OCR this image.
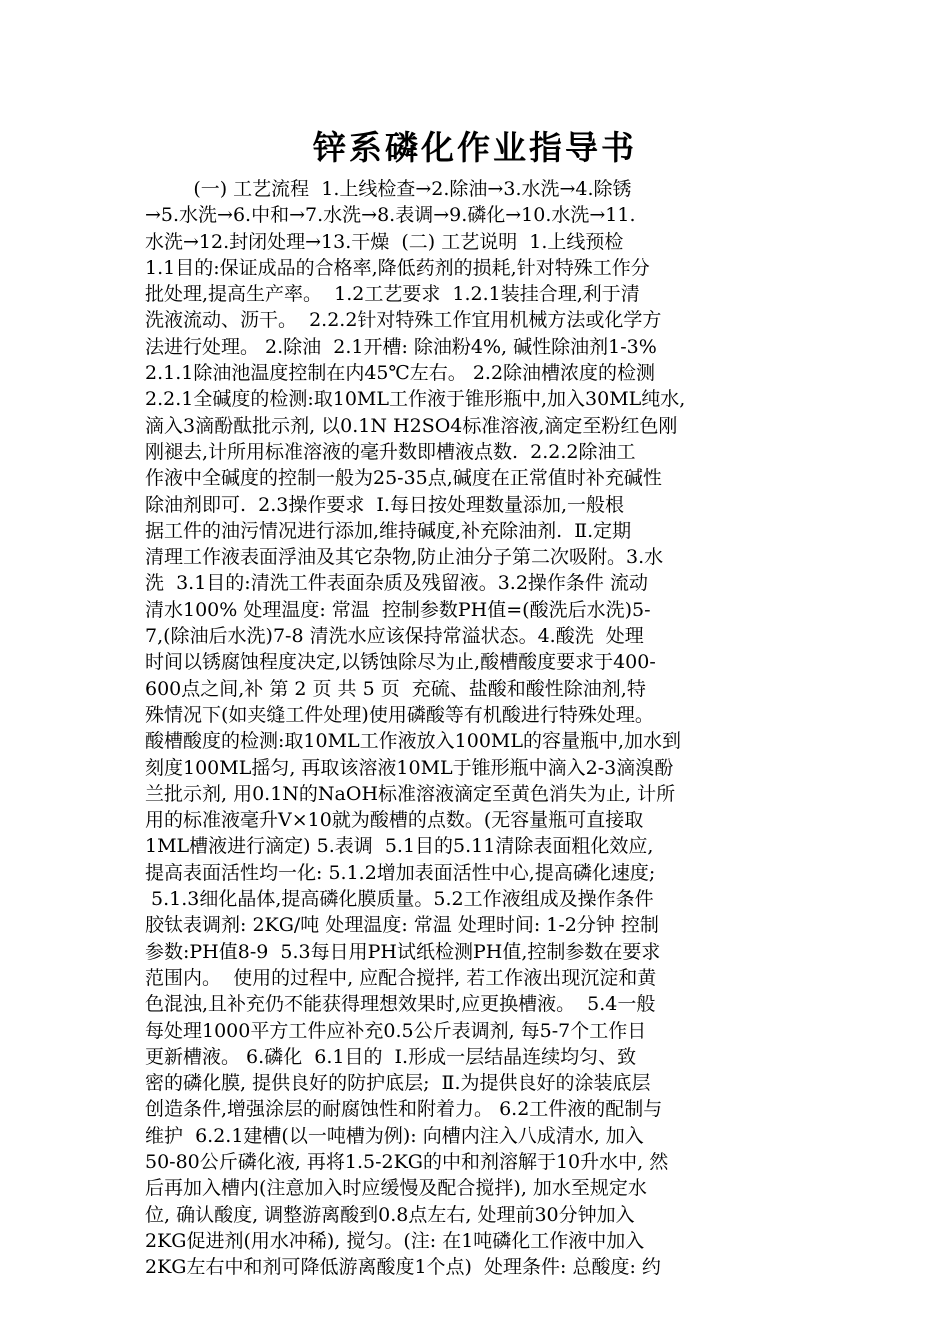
锌系磷化作业指导书
(一) 工艺流程  1.上线检查→2.除油→3.水洗→4.除锈
→5.水洗→6.中和→7.水洗→8.表调→9.磷化→10.水洗→11.
水洗→12.封闭处理→13.干燥  (二) 工艺说明  1.上线预检
1.1目的:保证成品的合格率,降低药剂的损耗,针对特殊工作分
批处理,提高生产率。  1.2工艺要求  1.2.1装挂合理,利于清
洗液流动、沥干。  2.2.2针对特殊工作宜用机械方法或化学方
法进行处理。 2.除油  2.1开槽: 除油粉4%, 碱性除油剂1-3%
2.1.1除油池温度控制在内45℃左右。 2.2除油槽浓度的检测
2.2.1全碱度的检测:取10ML工作液于锥形瓶中,加入30ML纯水,
滴入3滴酚酞批示剂, 以0.1N H2SO4标准溶液,滴定至粉红色刚
刚褪去,计所用标准溶液的毫升数即槽液点数.  2.2.2除油工
作液中全碱度的控制一般为25-35点,碱度在正常值时补充碱性
除油剂即可.  2.3操作要求  Ⅰ.每日按处理数量添加,一般根
据工件的油污情况进行添加,维持碱度,补充除油剂.  Ⅱ.定期
清理工作液表面浮油及其它杂物,防止油分子第二次吸附。3.水
洗  3.1目的:清洗工件表面杂质及残留液。3.2操作条件 流动
清水100% 处理温度: 常温  控制参数PH值=(酸洗后水洗)5-
7,(除油后水洗)7-8 清洗水应该保持常溢状态。4.酸洗  处理
时间以锈腐蚀程度决定,以锈蚀除尽为止,酸槽酸度要求于400-
600点之间,补 第 2 页 共 5 页  充硫、盐酸和酸性除油剂,特
殊情况下(如夹缝工件处理)使用磷酸等有机酸进行特殊处理。
酸槽酸度的检测:取10ML工作液放入100ML的容量瓶中,加水到
刻度100ML摇匀, 再取该溶液10ML于锥形瓶中滴入2-3滴溴酚
兰批示剂, 用0.1N的NaOH标准溶液滴定至黄色消失为止, 计所
用的标准液毫升V×10就为酸槽的点数。(无容量瓶可直接取
1ML槽液进行滴定) 5.表调  5.1目的5.11清除表面粗化效应,
提高表面活性均一化: 5.1.2增加表面活性中心,提高磷化速度;
5.1.3细化晶体,提高磷化膜质量。5.2工作液组成及操作条件
胶钛表调剂: 2KG/吨 处理温度: 常温 处理时间: 1-2分钟 控制
参数:PH值8-9  5.3每日用PH试纸检测PH值,控制参数在要求
范围内。  使用的过程中, 应配合搅拌, 若工作液出现沉淀和黄
色混浊,且补充仍不能获得理想效果时,应更换槽液。  5.4一般
每处理1000平方工件应补充0.5公斤表调剂, 每5-7个工作日
更新槽液。 6.磷化  6.1目的  Ⅰ.形成一层结晶连续均匀、致
密的磷化膜, 提供良好的防护底层;  Ⅱ.为提供良好的涂装底层
创造条件,增强涂层的耐腐蚀性和附着力。 6.2工件液的配制与
维护  6.2.1建槽(以一吨槽为例): 向槽内注入八成清水, 加入
50-80公斤磷化液, 再将1.5-2KG的中和剂溶解于10升水中, 然
后再加入槽内(注意加入时应缓慢及配合搅拌), 加水至规定水
位, 确认酸度, 调整游离酸到0.8点左右, 处理前30分钟加入
2KG促进剂(用水冲稀), 搅匀。(注: 在1吨磷化工作液中加入
2KG左右中和剂可降低游离酸度1个点)  处理条件: 总酸度: 约
